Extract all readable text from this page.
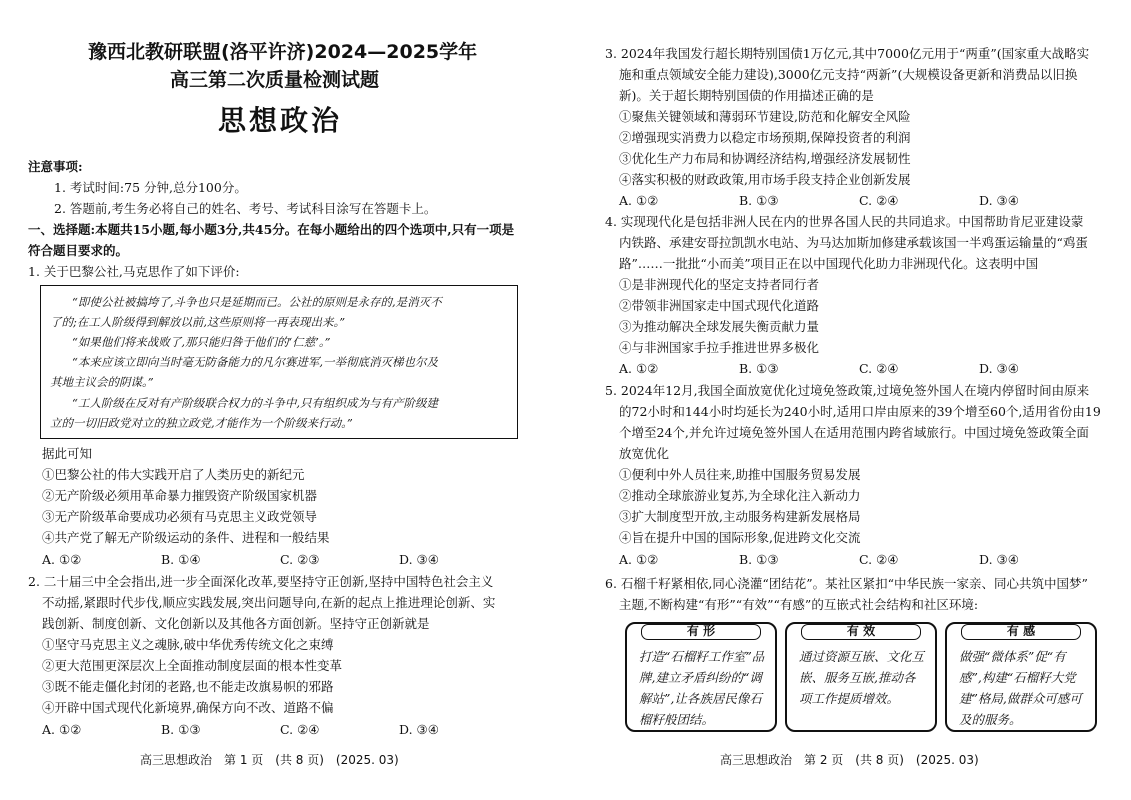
豫西北教研联盟(洛平许济)2024—2025学年
高三第二次质量检测试题
思想政治
注意事项:
1. 考试时间:75 分钟,总分100分。
2. 答题前,考生务必将自己的姓名、考号、考试科目涂写在答题卡上。
一、选择题:本题共15小题,每小题3分,共45分。在每小题给出的四个选项中,只有一项是
符合题目要求的。
1. 关于巴黎公社,马克思作了如下评价:
“即使公社被搞垮了,斗争也只是延期而已。公社的原则是永存的,是消灭不
了的;在工人阶级得到解放以前,这些原则将一再表现出来。”
“如果他们将来战败了,那只能归咎于他们的‘仁慈’。”
“本来应该立即向当时毫无防备能力的凡尔赛进军,一举彻底消灭梯也尔及
其地主议会的阴谋。”
“工人阶级在反对有产阶级联合权力的斗争中,只有组织成为与有产阶级建
立的一切旧政党对立的独立政党,才能作为一个阶级来行动。”
据此可知
①巴黎公社的伟大实践开启了人类历史的新纪元
②无产阶级必须用革命暴力摧毁资产阶级国家机器
③无产阶级革命要成功必须有马克思主义政党领导
④共产党了解无产阶级运动的条件、进程和一般结果
A. ①②	B. ①④	C. ②③	D. ③④
2. 二十届三中全会指出,进一步全面深化改革,要坚持守正创新,坚持中国特色社会主义
不动摇,紧跟时代步伐,顺应实践发展,突出问题导向,在新的起点上推进理论创新、实
践创新、制度创新、文化创新以及其他各方面创新。坚持守正创新就是
①坚守马克思主义之魂脉,破中华优秀传统文化之束缚
②更大范围更深层次上全面推动制度层面的根本性变革
③既不能走僵化封闭的老路,也不能走改旗易帜的邪路
④开辟中国式现代化新境界,确保方向不改、道路不偏
A. ①②	B. ①③	C. ②④	D. ③④
高三思想政治　第 1 页　(共 8 页)　(2025. 03)
3. 2024年我国发行超长期特别国债1万亿元,其中7000亿元用于“两重”(国家重大战略实
施和重点领域安全能力建设),3000亿元支持“两新”(大规模设备更新和消费品以旧换
新)。关于超长期特别国债的作用描述正确的是
①聚焦关键领域和薄弱环节建设,防范和化解安全风险
②增强现实消费力以稳定市场预期,保障投资者的利润
③优化生产力布局和协调经济结构,增强经济发展韧性
④落实积极的财政政策,用市场手段支持企业创新发展
A. ①②	B. ①③	C. ②④	D. ③④
4. 实现现代化是包括非洲人民在内的世界各国人民的共同追求。中国帮助肯尼亚建设蒙
内铁路、承建安哥拉凯凯水电站、为马达加斯加修建承载该国一半鸡蛋运输量的“鸡蛋
路”……一批批“小而美”项目正在以中国现代化助力非洲现代化。这表明中国
①是非洲现代化的坚定支持者同行者
②带领非洲国家走中国式现代化道路
③为推动解决全球发展失衡贡献力量
④与非洲国家手拉手推进世界多极化
A. ①②	B. ①③	C. ②④	D. ③④
5. 2024年12月,我国全面放宽优化过境免签政策,过境免签外国人在境内停留时间由原来
的72小时和144小时均延长为240小时,适用口岸由原来的39个增至60个,适用省份由19
个增至24个,并允许过境免签外国人在适用范围内跨省域旅行。中国过境免签政策全面
放宽优化
①便利中外人员往来,助推中国服务贸易发展
②推动全球旅游业复苏,为全球化注入新动力
③扩大制度型开放,主动服务构建新发展格局
④旨在提升中国的国际形象,促进跨文化交流
A. ①②	B. ①③	C. ②④	D. ③④
6. 石榴千籽紧相依,同心浇灌“团结花”。某社区紧扣“中华民族一家亲、同心共筑中国梦”
主题,不断构建“有形”“有效”“有感”的互嵌式社会结构和社区环境:
有 形
打造“石榴籽工作室”品牌,建立矛盾纠纷的“调解站”,让各族居民像石榴籽般团结。
有 效
通过资源互嵌、文化互嵌、服务互嵌,推动各项工作提质增效。
有 感
做强“微体系”促“有感”,构建“石榴籽大党建”格局,做群众可感可及的服务。
高三思想政治　第 2 页　(共 8 页)　(2025. 03)
